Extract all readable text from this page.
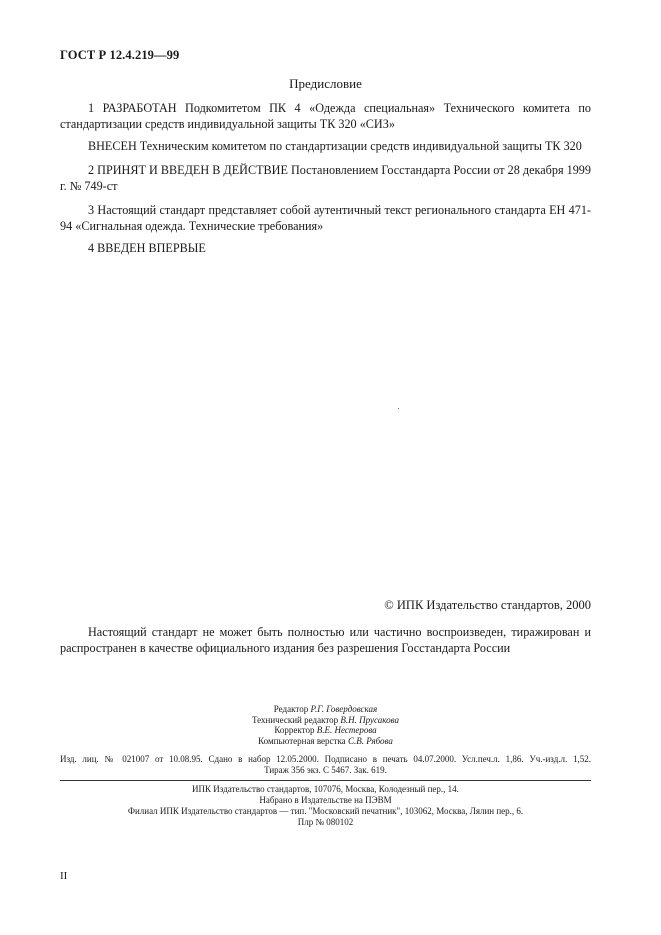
ГОСТ Р 12.4.219—99
Предисловие
1 РАЗРАБОТАН Подкомитетом ПК 4 «Одежда специальная» Технического комитета по стандартизации средств индивидуальной защиты ТК 320 «СИЗ»
ВНЕСЕН Техническим комитетом по стандартизации средств индивидуальной защиты ТК 320
2 ПРИНЯТ И ВВЕДЕН В ДЕЙСТВИЕ Постановлением Госстандарта России от 28 декабря 1999 г. № 749-ст
3 Настоящий стандарт представляет собой аутентичный текст регионального стандарта ЕН 471-94 «Сигнальная одежда. Технические требования»
4 ВВЕДЕН ВПЕРВЫЕ
© ИПК Издательство стандартов, 2000
Настоящий стандарт не может быть полностью или частично воспроизведен, тиражирован и распространен в качестве официального издания без разрешения Госстандарта России
Редактор Р.Г. Говердовская
Технический редактор В.Н. Прусакова
Корректор В.Е. Нестерова
Компьютерная верстка С.В. Рябова
Изд. лиц. № 021007 от 10.08.95. Сдано в набор 12.05.2000. Подписано в печать 04.07.2000. Усл.печ.л. 1,86. Уч.-изд.л. 1,52.
Тираж 356 экз. С 5467. Зак. 619.
ИПК Издательство стандартов, 107076, Москва, Колодезный пер., 14.
Набрано в Издательстве на ПЭВМ
Филиал ИПК Издательство стандартов — тип. "Московский печатник", 103062, Москва, Лялин пер., 6.
Плр № 080102
II
